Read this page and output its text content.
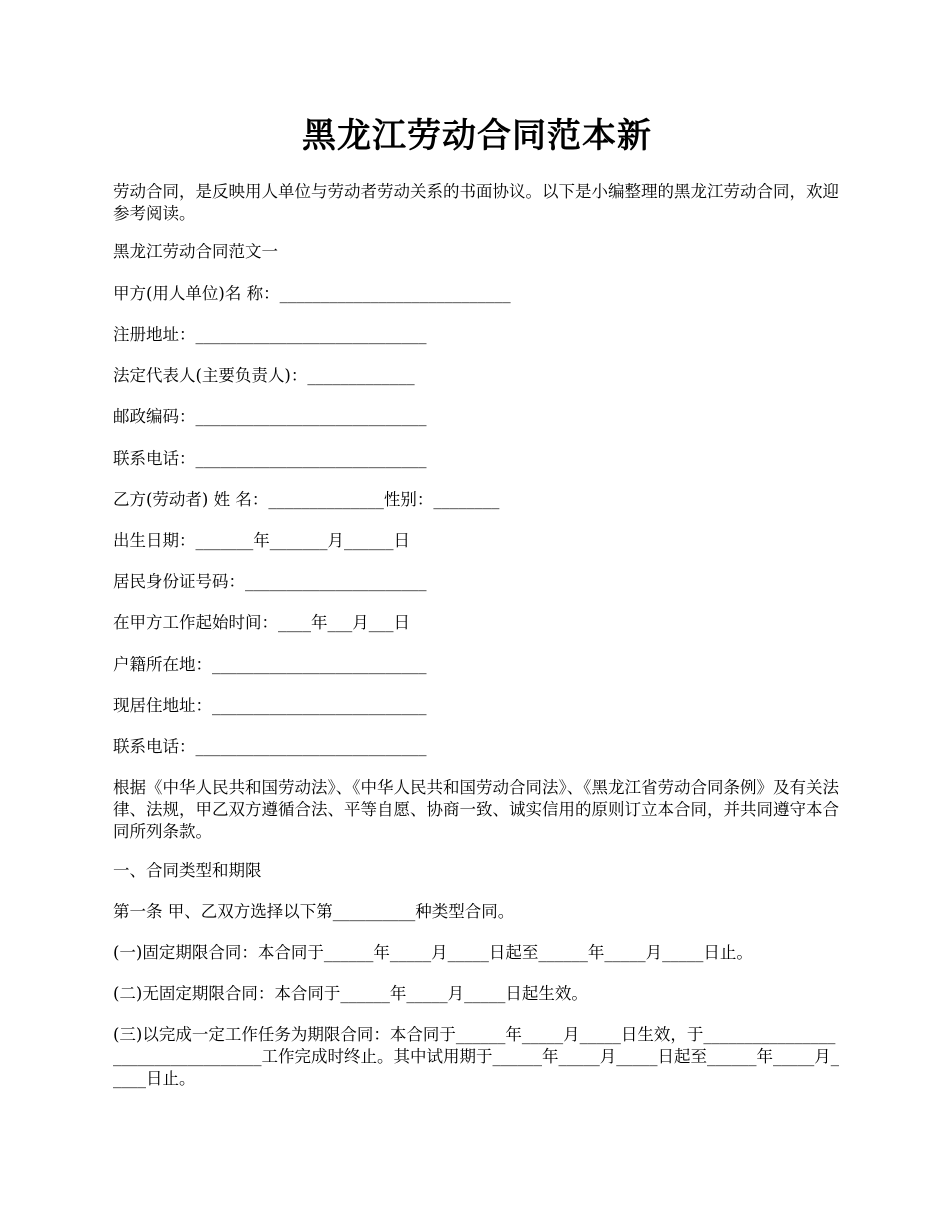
黑龙江劳动合同范本新
劳动合同，是反映用人单位与劳动者劳动关系的书面协议。以下是小编整理的黑龙江劳动合同，欢迎参考阅读。
黑龙江劳动合同范文一
甲方(用人单位)名 称：____________________________
注册地址：____________________________
法定代表人(主要负责人)：_____________
邮政编码：____________________________
联系电话：____________________________
乙方(劳动者) 姓 名：______________性别：________
出生日期：_______年_______月______日
居民身份证号码：______________________
在甲方工作起始时间：____年___月___日
户籍所在地：__________________________
现居住地址：__________________________
联系电话：____________________________
根据《中华人民共和国劳动法》、《中华人民共和国劳动合同法》、《黑龙江省劳动合同条例》及有关法律、法规，甲乙双方遵循合法、平等自愿、协商一致、诚实信用的原则订立本合同，并共同遵守本合同所列条款。
一、合同类型和期限
第一条 甲、乙双方选择以下第__________种类型合同。
(一)固定期限合同：本合同于______年_____月_____日起至______年_____月_____日止。
(二)无固定期限合同：本合同于______年_____月_____日起生效。
(三)以完成一定工作任务为期限合同：本合同于______年_____月_____日生效，于__________________________________工作完成时终止。其中试用期于______年_____月_____日起至______年_____月_____日止。
